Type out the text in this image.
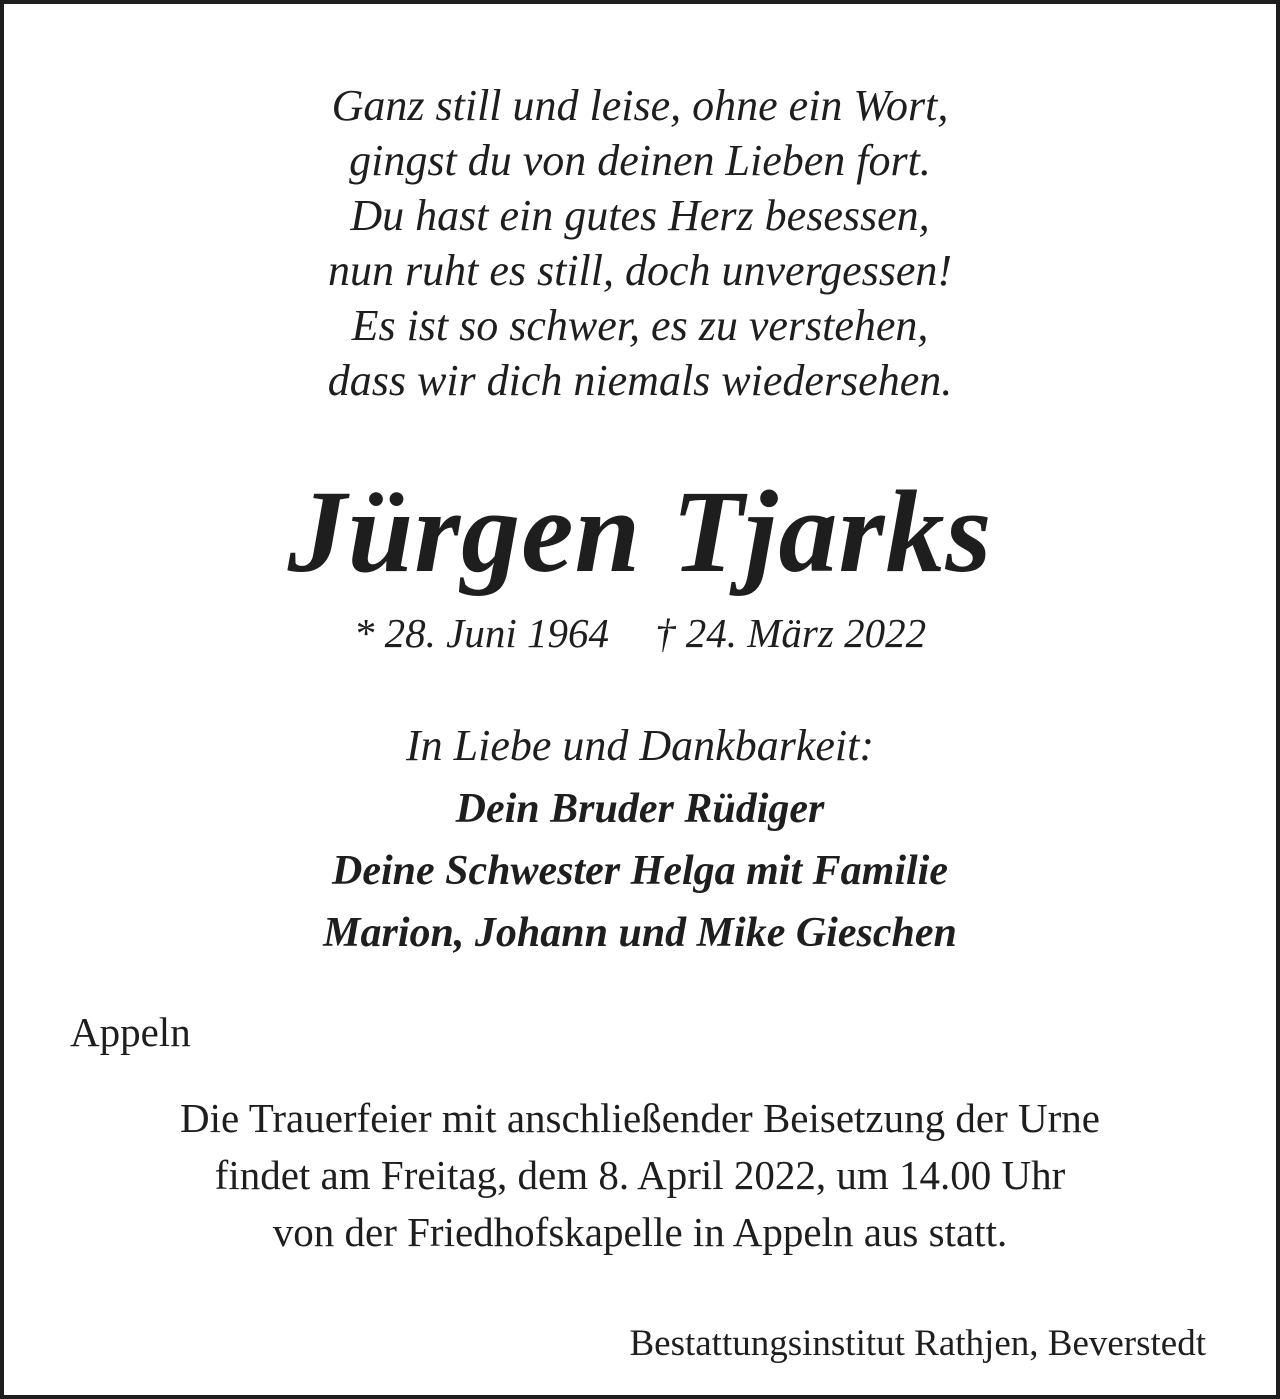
Ganz still und leise, ohne ein Wort,
gingst du von deinen Lieben fort.
Du hast ein gutes Herz besessen,
nun ruht es still, doch unvergessen!
Es ist so schwer, es zu verstehen,
dass wir dich niemals wiedersehen.
Jürgen Tjarks
* 28. Juni 1964 † 24. März 2022
In Liebe und Dankbarkeit:
Dein Bruder Rüdiger
Deine Schwester Helga mit Familie
Marion, Johann und Mike Gieschen
Appeln
Die Trauerfeier mit anschließender Beisetzung der Urne
findet am Freitag, dem 8. April 2022, um 14.00 Uhr
von der Friedhofskapelle in Appeln aus statt.
Bestattungsinstitut Rathjen, Beverstedt
